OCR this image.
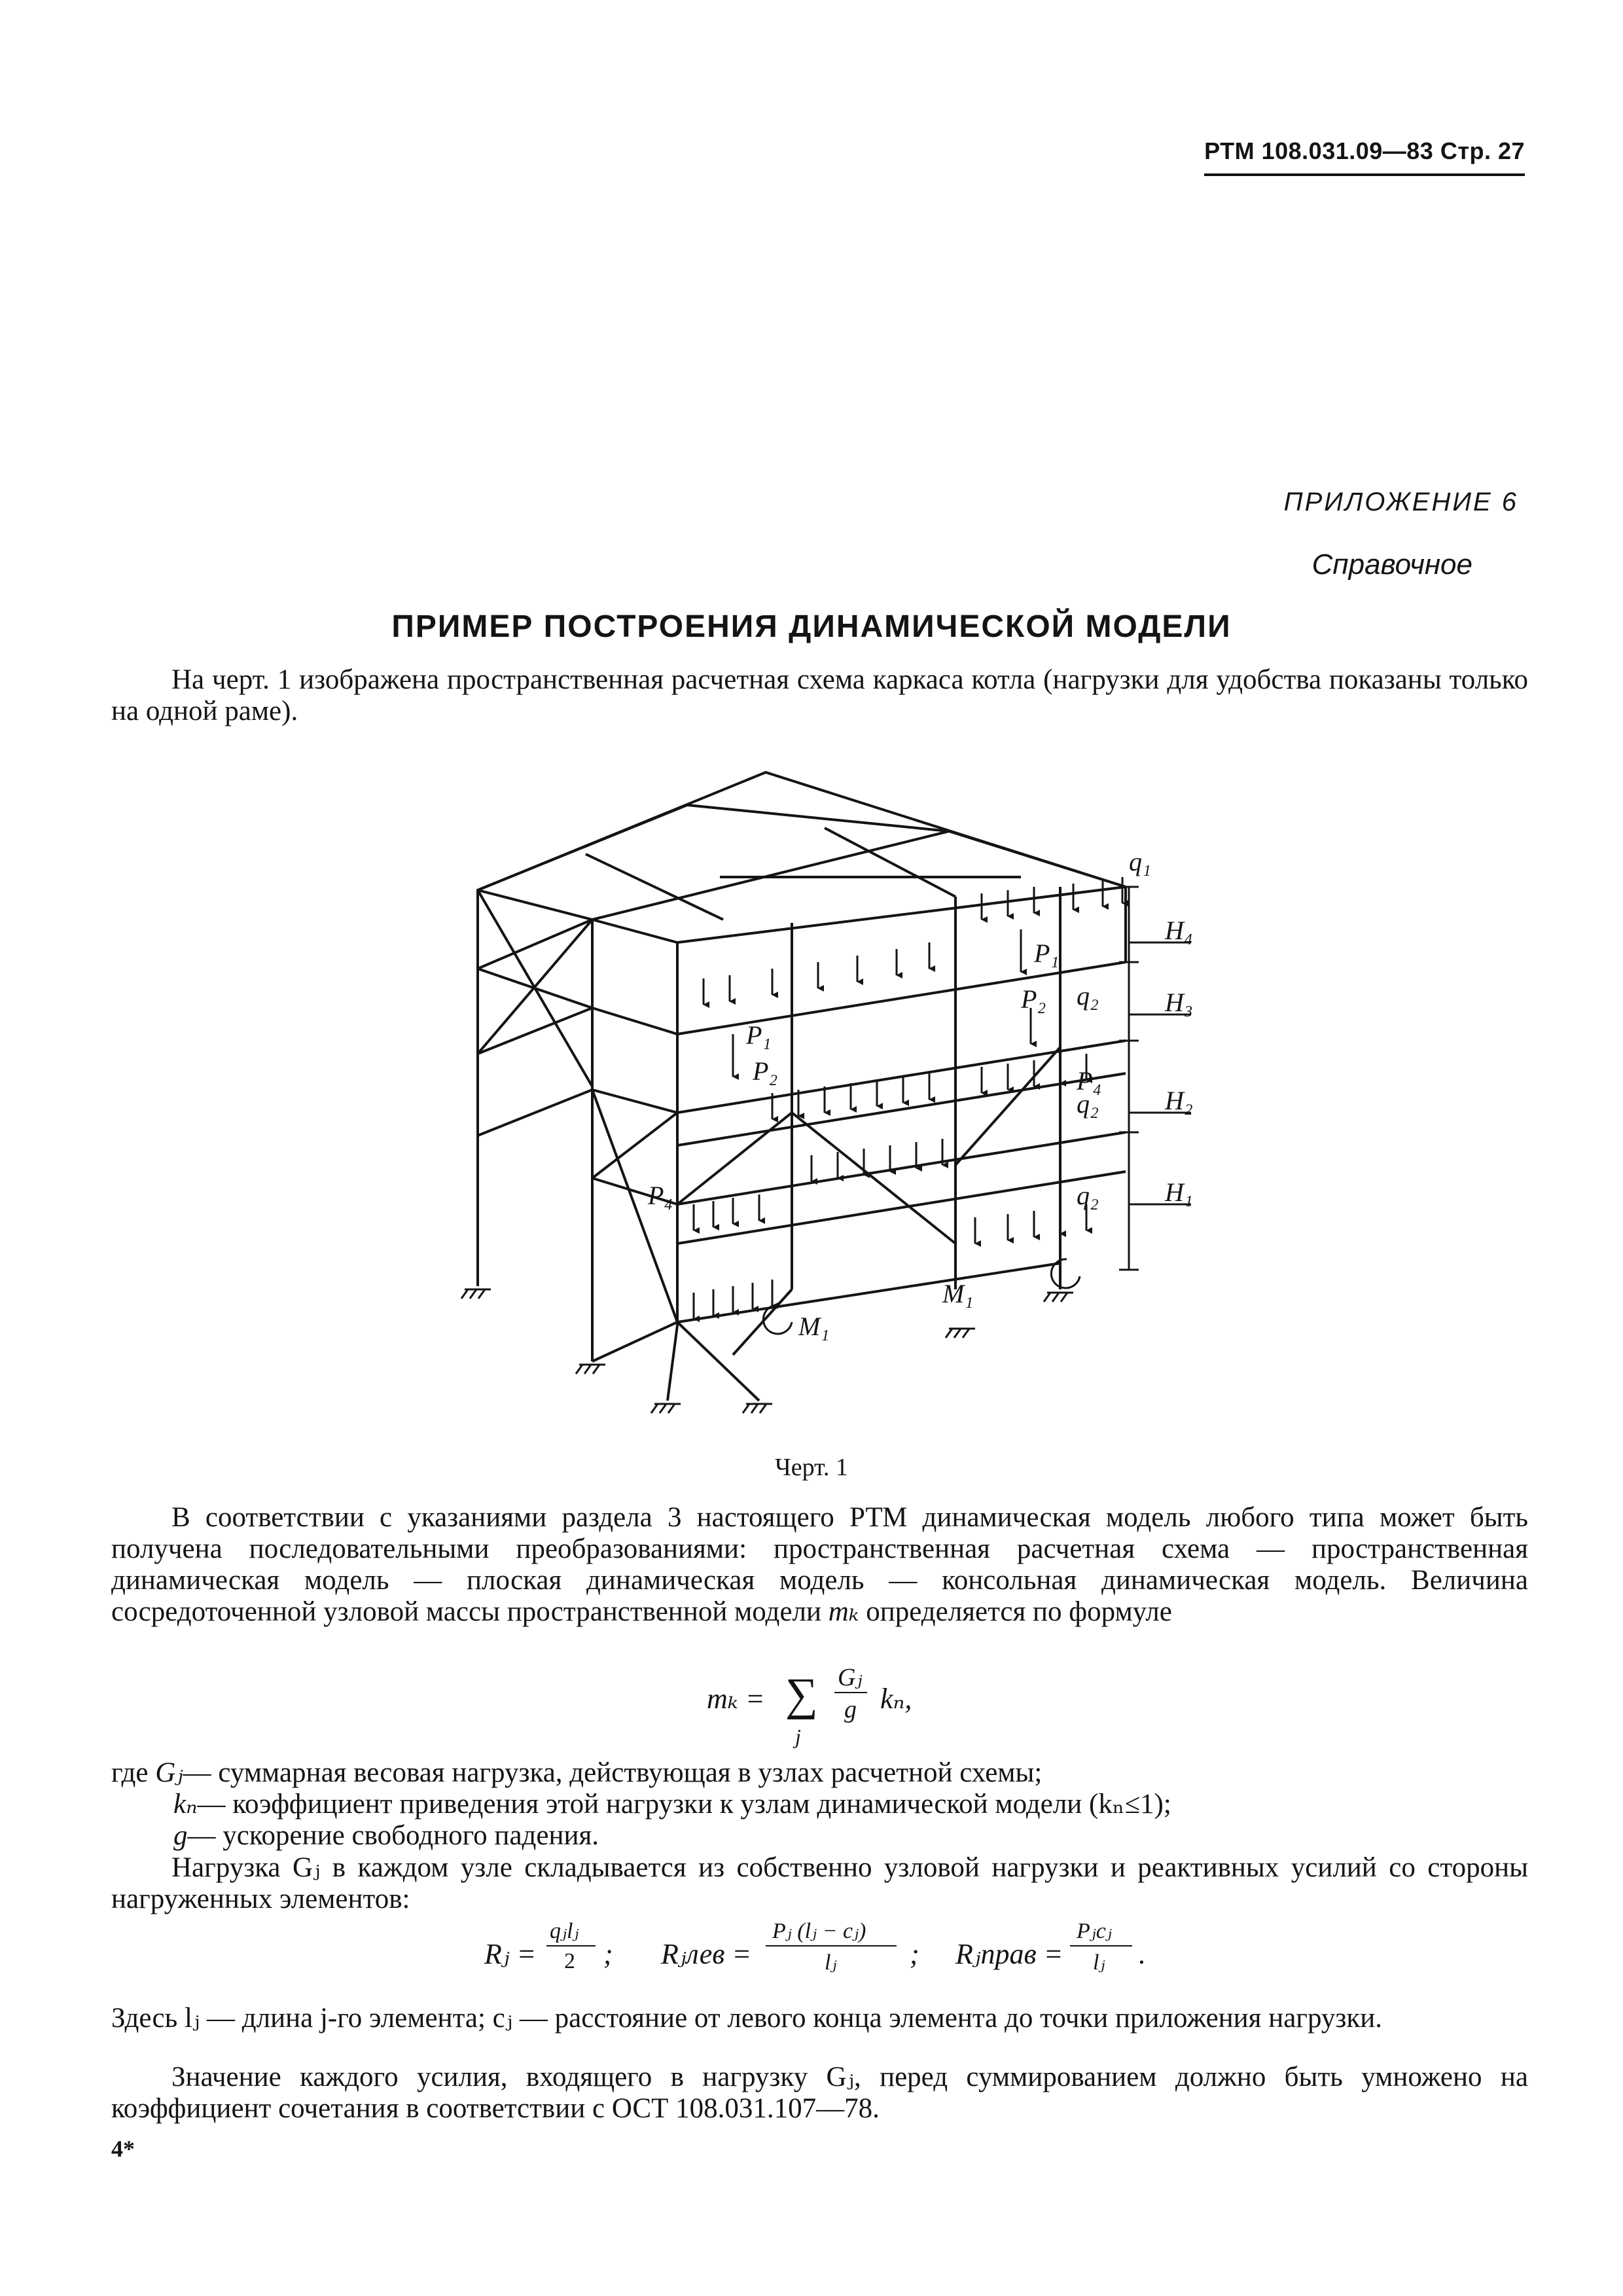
РТМ 108.031.09—83 Стр. 27
ПРИЛОЖЕНИЕ 6
Справочное
ПРИМЕР ПОСТРОЕНИЯ ДИНАМИЧЕСКОЙ МОДЕЛИ
На черт. 1 изображена пространственная расчетная схема каркаса котла (нагрузки для удобства показаны только на одной раме).
q₁
q₂
q₂
q₂
P₁
P₂
P₁
P₂	P₄
P₄
M₁
M₁
H₄
H₃
H₂
H₁
Черт. 1
В соответствии с указаниями раздела 3 настоящего РТМ динамическая модель любого типа может быть получена последовательными преобразованиями: пространственная расчетная схема — пространственная динамическая модель — плоская динамическая модель — консольная динамическая модель. Величина сосредоточенной узловой массы пространственной модели mₖ определяется по формуле
mₖ = ∑
j
Gⱼ
g kₙ,
где Gⱼ— суммарная весовая нагрузка, действующая в узлах расчетной схемы;
kₙ— коэффициент приведения этой нагрузки к узлам динамической модели (kₙ≤1);
g— ускорение свободного падения.
Нагрузка Gⱼ в каждом узле складывается из собственно узловой нагрузки и реактивных усилий со стороны нагруженных элементов:
Rⱼ =
qⱼlⱼ
2 ; Rⱼлев =
Pⱼ (lⱼ − cⱼ)
lⱼ	; Rⱼправ =
Pⱼcⱼ
lⱼ .
Здесь lⱼ — длина j-го элемента; cⱼ — расстояние от левого конца элемента до точки приложения нагрузки.
Значение каждого усилия, входящего в нагрузку Gⱼ, перед суммированием должно быть умножено на коэффициент сочетания в соответствии с ОСТ 108.031.107—78.
4*
